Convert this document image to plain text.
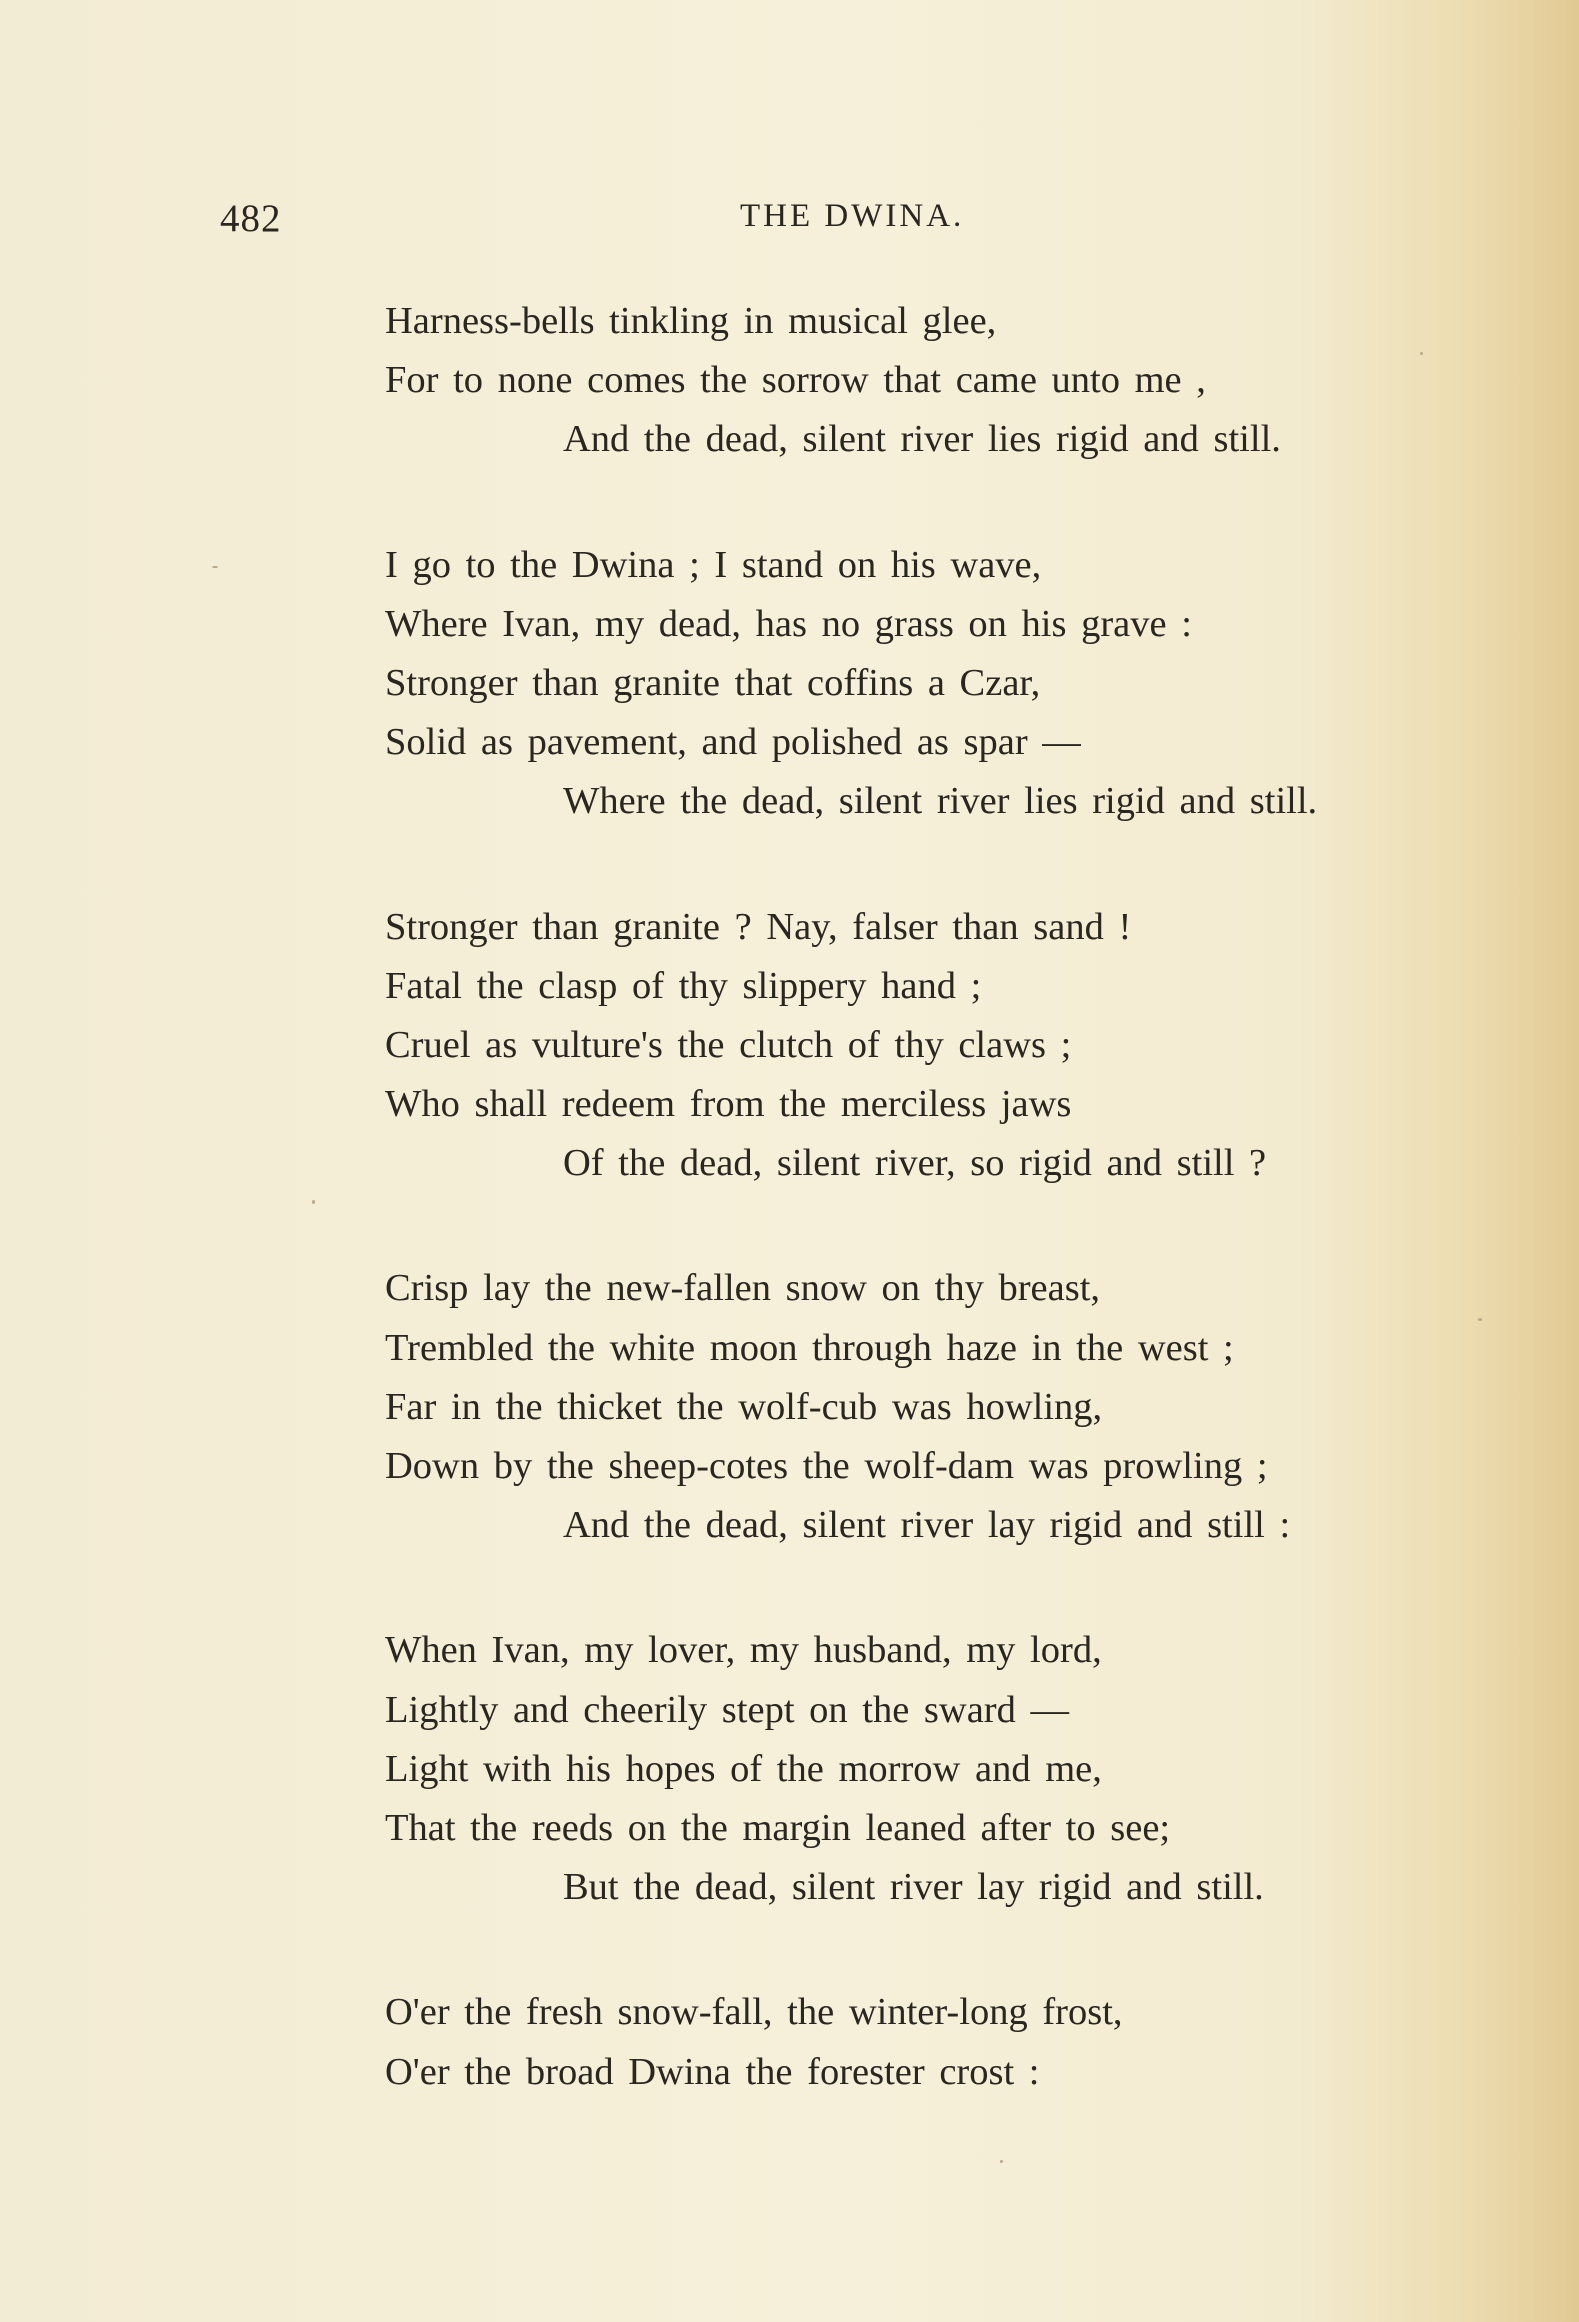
482	THE DWINA.
Harness-bells tinkling in musical glee,
For to none comes the sorrow that came unto me ,
And the dead, silent river lies rigid and still.
I go to the Dwina ; I stand on his wave,
Where Ivan, my dead, has no grass on his grave :
Stronger than granite that coffins a Czar,
Solid as pavement, and polished as spar —
Where the dead, silent river lies rigid and still.
Stronger than granite ? Nay, falser than sand !
Fatal the clasp of thy slippery hand ;
Cruel as vulture's the clutch of thy claws ;
Who shall redeem from the merciless jaws
Of the dead, silent river, so rigid and still ?
Crisp lay the new-fallen snow on thy breast,
Trembled the white moon through haze in the west ;
Far in the thicket the wolf-cub was howling,
Down by the sheep-cotes the wolf-dam was prowling ;
And the dead, silent river lay rigid and still :
When Ivan, my lover, my husband, my lord,
Lightly and cheerily stept on the sward —
Light with his hopes of the morrow and me,
That the reeds on the margin leaned after to see;
But the dead, silent river lay rigid and still.
O'er the fresh snow-fall, the winter-long frost,
O'er the broad Dwina the forester crost :
